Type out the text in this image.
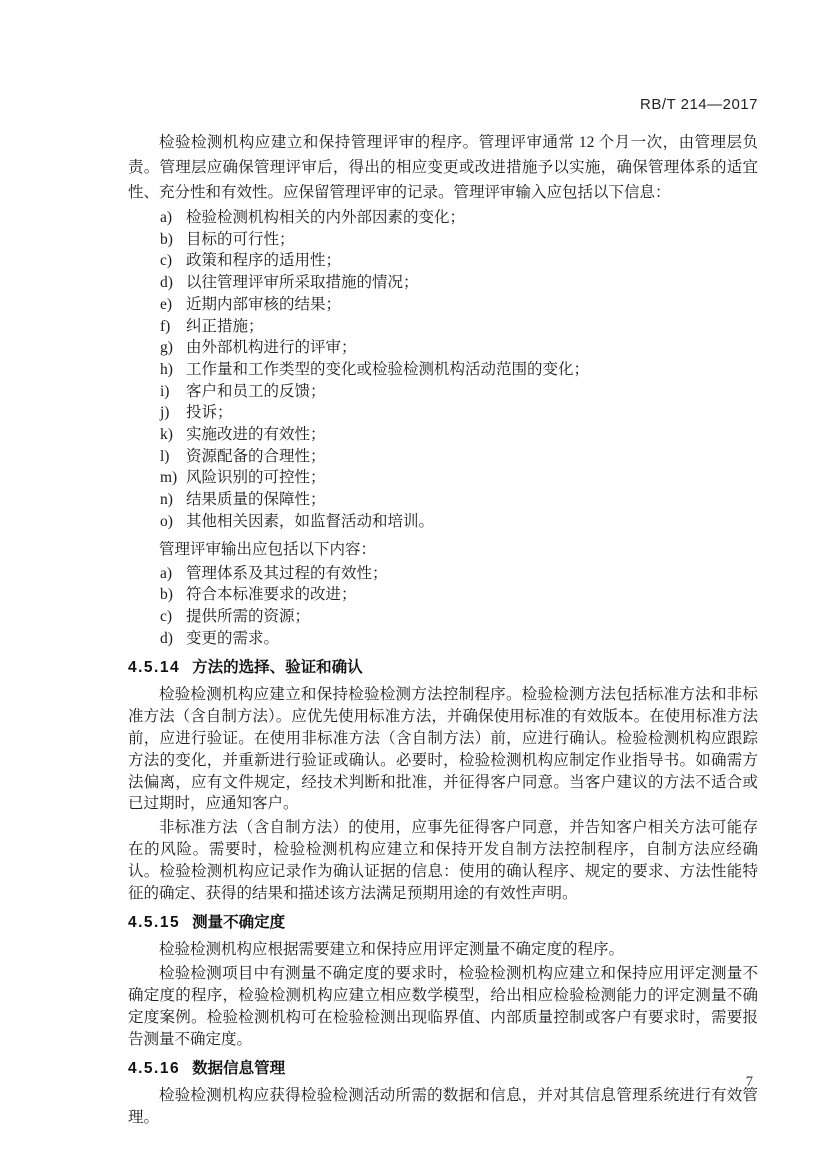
RB/T 214—2017

检验检测机构应建立和保持管理评审的程序。管理评审通常 12 个月一次，由管理层负责。管理层应确保管理评审后，得出的相应变更或改进措施予以实施，确保管理体系的适宜性、充分性和有效性。应保留管理评审的记录。管理评审输入应包括以下信息：

a) 检验检测机构相关的内外部因素的变化；
b) 目标的可行性；
c) 政策和程序的适用性；
d) 以往管理评审所采取措施的情况；
e) 近期内部审核的结果；
f) 纠正措施；
g) 由外部机构进行的评审；
h) 工作量和工作类型的变化或检验检测机构活动范围的变化；
i) 客户和员工的反馈；
j) 投诉；
k) 实施改进的有效性；
l) 资源配备的合理性；
m) 风险识别的可控性；
n) 结果质量的保障性；
o) 其他相关因素，如监督活动和培训。

管理评审输出应包括以下内容：

a) 管理体系及其过程的有效性；
b) 符合本标准要求的改进；
c) 提供所需的资源；
d) 变更的需求。
4.5.14 方法的选择、验证和确认

检验检测机构应建立和保持检验检测方法控制程序。检验检测方法包括标准方法和非标准方法（含自制方法）。应优先使用标准方法，并确保使用标准的有效版本。在使用标准方法前，应进行验证。在使用非标准方法（含自制方法）前，应进行确认。检验检测机构应跟踪方法的变化，并重新进行验证或确认。必要时，检验检测机构应制定作业指导书。如确需方法偏离，应有文件规定，经技术判断和批准，并征得客户同意。当客户建议的方法不适合或已过期时，应通知客户。

非标准方法（含自制方法）的使用，应事先征得客户同意，并告知客户相关方法可能存在的风险。需要时，检验检测机构应建立和保持开发自制方法控制程序，自制方法应经确认。检验检测机构应记录作为确认证据的信息：使用的确认程序、规定的要求、方法性能特征的确定、获得的结果和描述该方法满足预期用途的有效性声明。

4.5.15 测量不确定度

检验检测机构应根据需要建立和保持应用评定测量不确定度的程序。

检验检测项目中有测量不确定度的要求时，检验检测机构应建立和保持应用评定测量不确定度的程序，检验检测机构应建立相应数学模型，给出相应检验检测能力的评定测量不确定度案例。检验检测机构可在检验检测出现临界值、内部质量控制或客户有要求时，需要报告测量不确定度。

4.5.16 数据信息管理

检验检测机构应获得检验检测活动所需的数据和信息，并对其信息管理系统进行有效管理。

7
